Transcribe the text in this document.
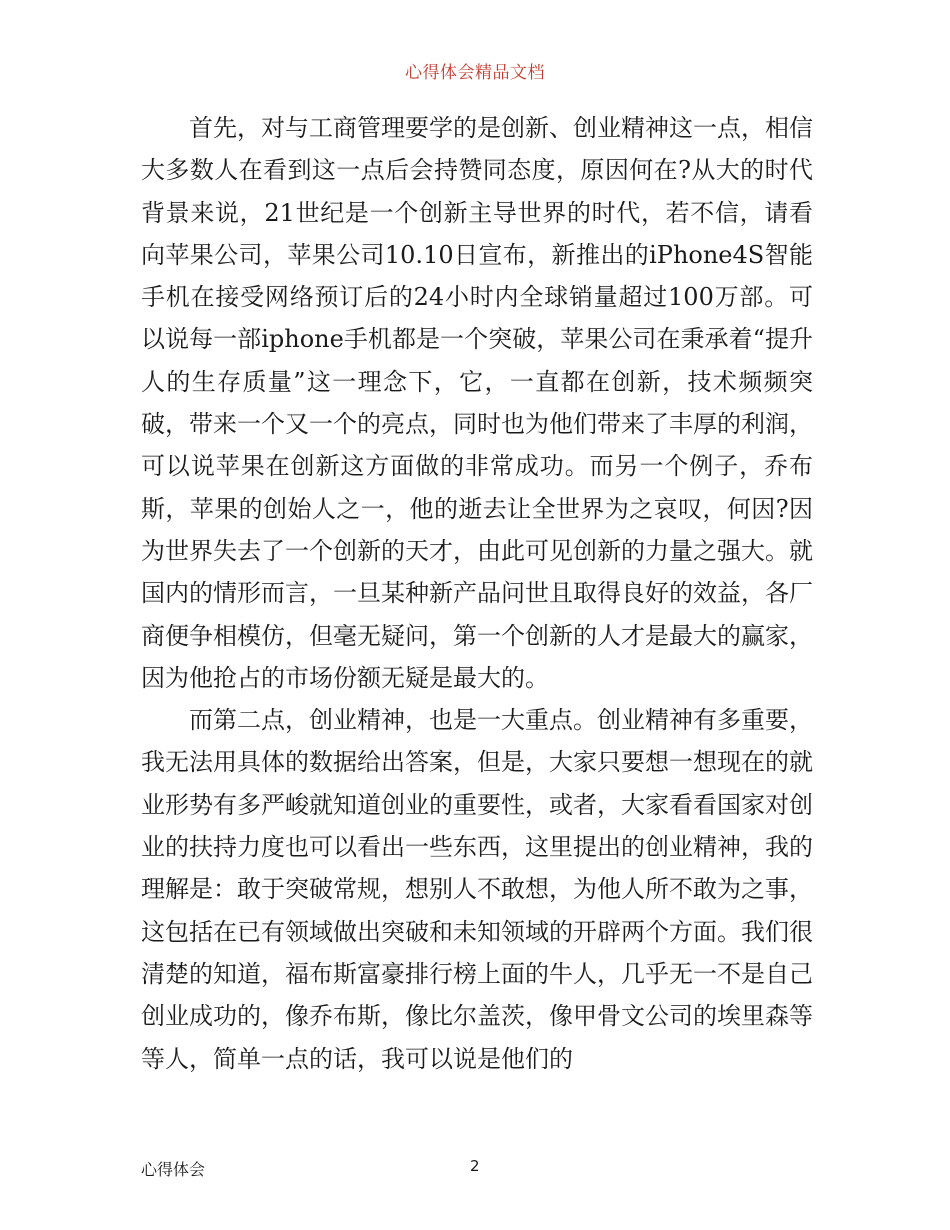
心得体会精品文档

首先，对与工商管理要学的是创新、创业精神这一点，相信大多数人在看到这一点后会持赞同态度，原因何在?从大的时代背景来说，21世纪是一个创新主导世界的时代，若不信，请看向苹果公司，苹果公司10.10日宣布，新推出的iPhone4S智能手机在接受网络预订后的24小时内全球销量超过100万部。可以说每一部iphone手机都是一个突破，苹果公司在秉承着“提升人的生存质量”这一理念下，它，一直都在创新，技术频频突破，带来一个又一个的亮点，同时也为他们带来了丰厚的利润，可以说苹果在创新这方面做的非常成功。而另一个例子，乔布斯，苹果的创始人之一，他的逝去让全世界为之哀叹，何因?因为世界失去了一个创新的天才，由此可见创新的力量之强大。就国内的情形而言，一旦某种新产品问世且取得良好的效益，各厂商便争相模仿，但毫无疑问，第一个创新的人才是最大的赢家，因为他抢占的市场份额无疑是最大的。

而第二点，创业精神，也是一大重点。创业精神有多重要，我无法用具体的数据给出答案，但是，大家只要想一想现在的就业形势有多严峻就知道创业的重要性，或者，大家看看国家对创业的扶持力度也可以看出一些东西，这里提出的创业精神，我的理解是：敢于突破常规，想别人不敢想，为他人所不敢为之事，这包括在已有领域做出突破和未知领域的开辟两个方面。我们很清楚的知道，福布斯富豪排行榜上面的牛人，几乎无一不是自己创业成功的，像乔布斯，像比尔盖茨，像甲骨文公司的埃里森等等人，简单一点的话，我可以说是他们的

心得体会	2
